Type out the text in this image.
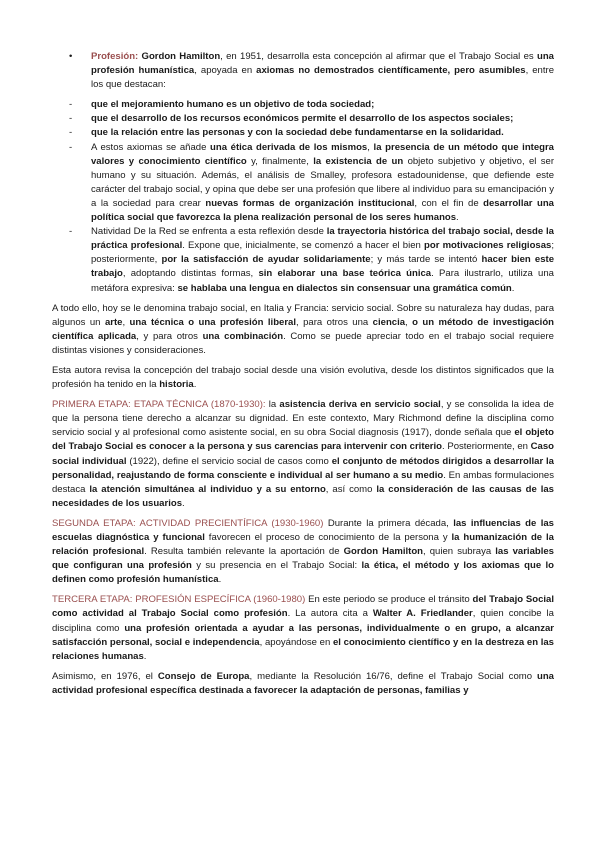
• Profesión: Gordon Hamilton, en 1951, desarrolla esta concepción al afirmar que el Trabajo Social es una profesión humanística, apoyada en axiomas no demostrados científicamente, pero asumibles, entre los que destacan:
- que el mejoramiento humano es un objetivo de toda sociedad;
- que el desarrollo de los recursos económicos permite el desarrollo de los aspectos sociales;
- que la relación entre las personas y con la sociedad debe fundamentarse en la solidaridad.
- A estos axiomas se añade una ética derivada de los mismos, la presencia de un método que integra valores y conocimiento científico y, finalmente, la existencia de un objeto subjetivo y objetivo, el ser humano y su situación. Además, el análisis de Smalley, profesora estadounidense, que defiende este carácter del trabajo social, y opina que debe ser una profesión que libere al individuo para su emancipación y a la sociedad para crear nuevas formas de organización institucional, con el fin de desarrollar una política social que favorezca la plena realización personal de los seres humanos.
- Natividad De la Red se enfrenta a esta reflexión desde la trayectoria histórica del trabajo social, desde la práctica profesional. Expone que, inicialmente, se comenzó a hacer el bien por motivaciones religiosas; posteriormente, por la satisfacción de ayudar solidariamente; y más tarde se intentó hacer bien este trabajo, adoptando distintas formas, sin elaborar una base teórica única. Para ilustrarlo, utiliza una metáfora expresiva: se hablaba una lengua en dialectos sin consensuar una gramática común.

A todo ello, hoy se le denomina trabajo social, en Italia y Francia: servicio social. Sobre su naturaleza hay dudas, para algunos un arte, una técnica o una profesión liberal, para otros una ciencia, o un método de investigación científica aplicada, y para otros una combinación. Como se puede apreciar todo en el trabajo social requiere distintas visiones y consideraciones.

Esta autora revisa la concepción del trabajo social desde una visión evolutiva, desde los distintos significados que la profesión ha tenido en la historia.

PRIMERA ETAPA: ETAPA TÉCNICA (1870-1930): la asistencia deriva en servicio social, y se consolida la idea de que la persona tiene derecho a alcanzar su dignidad. En este contexto, Mary Richmond define la disciplina como servicio social y al profesional como asistente social, en su obra Social diagnosis (1917), donde señala que el objeto del Trabajo Social es conocer a la persona y sus carencias para intervenir con criterio. Posteriormente, en Caso social individual (1922), define el servicio social de casos como el conjunto de métodos dirigidos a desarrollar la personalidad, reajustando de forma consciente e individual al ser humano a su medio. En ambas formulaciones destaca la atención simultánea al individuo y a su entorno, así como la consideración de las causas de las necesidades de los usuarios.

SEGUNDA ETAPA: ACTIVIDAD PRECIENTÍFICA (1930-1960) Durante la primera década, las influencias de las escuelas diagnóstica y funcional favorecen el proceso de conocimiento de la persona y la humanización de la relación profesional. Resulta también relevante la aportación de Gordon Hamilton, quien subraya las variables que configuran una profesión y su presencia en el Trabajo Social: la ética, el método y los axiomas que lo definen como profesión humanística.

TERCERA ETAPA: PROFESIÓN ESPECÍFICA (1960-1980) En este periodo se produce el tránsito del Trabajo Social como actividad al Trabajo Social como profesión. La autora cita a Walter A. Friedlander, quien concibe la disciplina como una profesión orientada a ayudar a las personas, individualmente o en grupo, a alcanzar satisfacción personal, social e independencia, apoyándose en el conocimiento científico y en la destreza en las relaciones humanas.

Asimismo, en 1976, el Consejo de Europa, mediante la Resolución 16/76, define el Trabajo Social como una actividad profesional específica destinada a favorecer la adaptación de personas, familias y
